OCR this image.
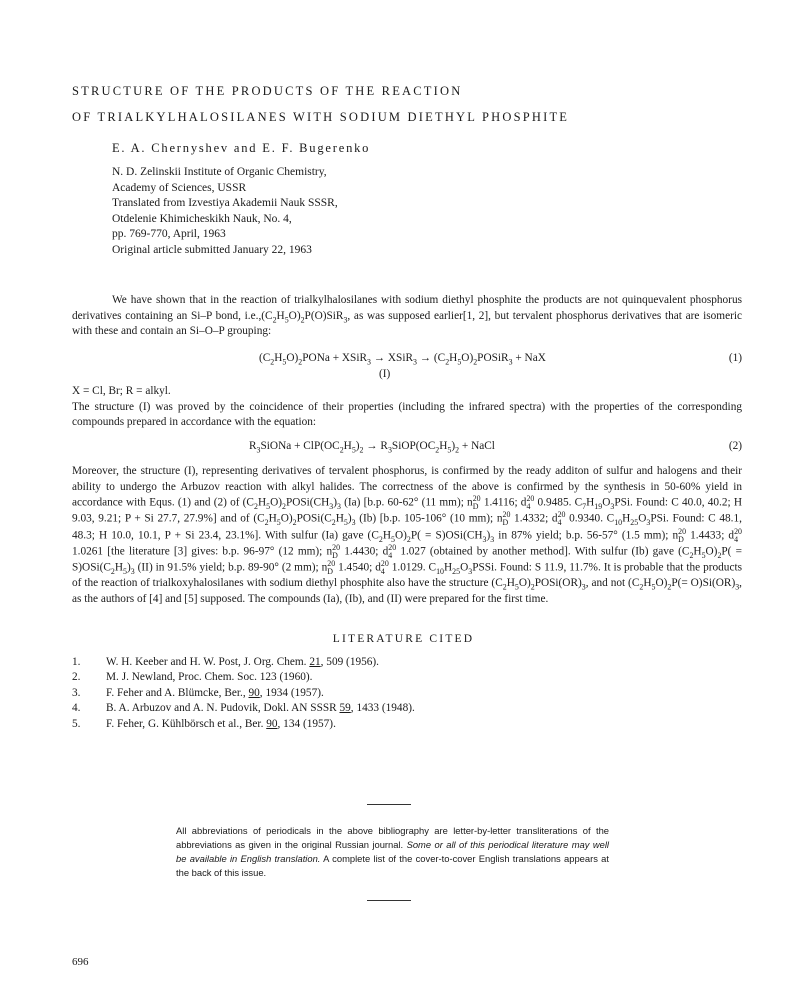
STRUCTURE OF THE PRODUCTS OF THE REACTION
OF TRIALKYLHALOSILANES WITH SODIUM DIETHYL PHOSPHITE
E. A. Chernyshev and E. F. Bugerenko
N. D. Zelinskii Institute of Organic Chemistry,
Academy of Sciences, USSR
Translated from Izvestiya Akademii Nauk SSSR,
Otdelenie Khimicheskikh Nauk, No. 4,
pp. 769-770, April, 1963
Original article submitted January 22, 1963

We have shown that in the reaction of trialkylhalosilanes with sodium diethyl phosphite the products are not quinquevalent phosphorus derivatives containing an Si–P bond, $i.e.,(C_2H_5O)_2P(O)SiR_3$, as was supposed earlier[1, 2], but tervalent phosphorus derivatives that are isomeric with these and contain an Si–O–P grouping:

$(C_2H_5O)_2PONa$ + XSiR$_3$ → XSiR$_3$ → $(C_2H_5O)_2POSiR_3$ + NaX	(1)
(I)

X = Cl, Br; R = alkyl.

The structure (I) was proved by the coincidence of their properties (including the infrared spectra) with the properties of the corresponding compounds prepared in accordance with the equation:

$R_3SiONa + ClP(OC_2H_5)_2$ → $R_3SiOP(OC_2H_5)_2$ + NaCl	(2)

Moreover, the structure (I), representing derivatives of tervalent phosphorus, is confirmed by the ready additon of sulfur and halogens and their ability to undergo the Arbuzov reaction with alkyl halides. The correctness of the above is confirmed by the synthesis in 50-60% yield in accordance with Equs. (1) and (2) of $(C_2H_5O)_2POSi(CH_3)_3$ (Ia) [b.p. 60-62° (11 mm); n 20
D 1.4116; d 20
4 0.9485. $C_7H_{19}O_3PSi$. Found: C 40.0, 40.2; H 9.03, 9.21; P + Si 27.7, 27.9%] and of $(C_2H_5O)_2POSi(C_2H_5)_3$ (Ib) [b.p. 105-106° (10 mm); n 20
D 1.4332; d 20
4 0.9340. $C_{10}H_{25}O_3PSi$. Found: C 48.1, 48.3; H 10.0, 10.1, P + Si 23.4, 23.1%]. With sulfur (Ia) gave $(C_2H_5O)_2P( = S)OSi(CH_3)_3$ in 87% yield; b.p. 56-57° (1.5 mm); n 20
D 1.4433; d 20
4
1.0261 [the literature [3] gives: b.p. 96-97° (12 mm); n 20
D 1.4430; d 20
4 1.027 (obtained by another method]. With sulfur (Ib) gave $(C_2H_5O)_2P( = S)OSi(C_2H_5)_3$ (II) in 91.5% yield; b.p. 89-90° (2 mm); n 20
D 1.4540; d 20
4 1.0129. $C_{10}H_{25}O_3PSSi$. Found: S 11.9, 11.7%. It is probable that the products of the reaction of trialkoxyhalosilanes with sodium diethyl phosphite also have the structure $(C_2H_5O)_2POSi(OR)_3$, and not $(C_2H_5O)_2P(= O)Si(OR)_3$, as the authors of [4] and [5] supposed. The compounds (Ia), (Ib), and (II) were prepared for the first time.

LITERATURE CITED
1. W. H. Keeber and H. W. Post, J. Org. Chem. 21, 509 (1956).
2. M. J. Newland, Proc. Chem. Soc. 123 (1960).
3. F. Feher and A. Blümcke, Ber., 90, 1934 (1957).
4. B. A. Arbuzov and A. N. Pudovik, Dokl. AN SSSR 59, 1433 (1948).
5. F. Feher, G. Kühlbörsch et al., Ber. 90, 134 (1957).

All abbreviations of periodicals in the above bibliography are letter-by-letter transliterations of the abbreviations as given in the original Russian journal. Some or all of this periodical literature may well be available in English translation. A complete list of the cover-to-cover English translations appears at the back of this issue.

696
